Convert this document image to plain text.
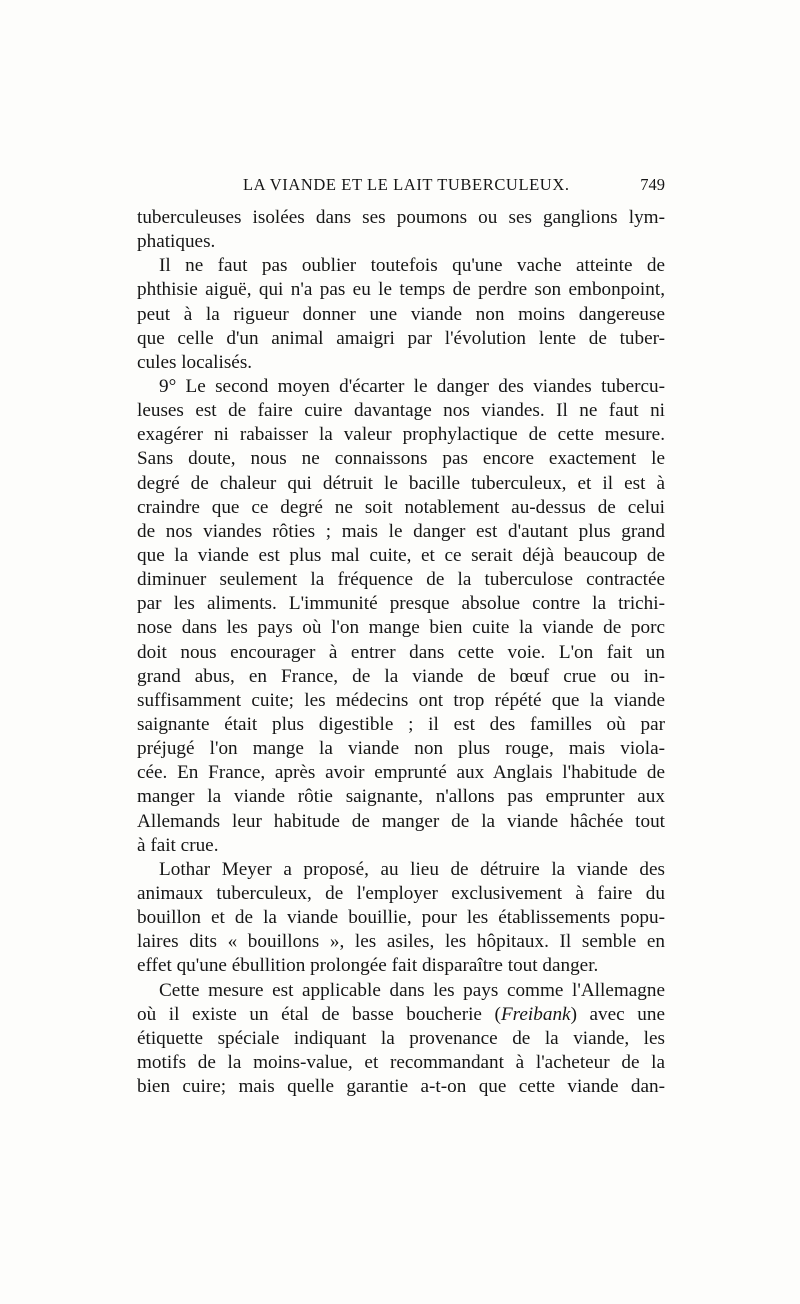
LA VIANDE ET LE LAIT TUBERCULEUX.	749
tuberculeuses isolées dans ses poumons ou ses ganglions lym-
phatiques.
Il ne faut pas oublier toutefois qu'une vache atteinte de
phthisie aiguë, qui n'a pas eu le temps de perdre son embonpoint,
peut à la rigueur donner une viande non moins dangereuse
que celle d'un animal amaigri par l'évolution lente de tuber-
cules localisés.
9° Le second moyen d'écarter le danger des viandes tubercu-
leuses est de faire cuire davantage nos viandes. Il ne faut ni
exagérer ni rabaisser la valeur prophylactique de cette mesure.
Sans doute, nous ne connaissons pas encore exactement le
degré de chaleur qui détruit le bacille tuberculeux, et il est à
craindre que ce degré ne soit notablement au-dessus de celui
de nos viandes rôties ; mais le danger est d'autant plus grand
que la viande est plus mal cuite, et ce serait déjà beaucoup de
diminuer seulement la fréquence de la tuberculose contractée
par les aliments. L'immunité presque absolue contre la trichi-
nose dans les pays où l'on mange bien cuite la viande de porc
doit nous encourager à entrer dans cette voie. L'on fait un
grand abus, en France, de la viande de bœuf crue ou in-
suffisamment cuite; les médecins ont trop répété que la viande
saignante était plus digestible ; il est des familles où par
préjugé l'on mange la viande non plus rouge, mais viola-
cée. En France, après avoir emprunté aux Anglais l'habitude de
manger la viande rôtie saignante, n'allons pas emprunter aux
Allemands leur habitude de manger de la viande hâchée tout
à fait crue.
Lothar Meyer a proposé, au lieu de détruire la viande des
animaux tuberculeux, de l'employer exclusivement à faire du
bouillon et de la viande bouillie, pour les établissements popu-
laires dits « bouillons », les asiles, les hôpitaux. Il semble en
effet qu'une ébullition prolongée fait disparaître tout danger.
Cette mesure est applicable dans les pays comme l'Allemagne
où il existe un étal de basse boucherie (Freibank) avec une
étiquette spéciale indiquant la provenance de la viande, les
motifs de la moins-value, et recommandant à l'acheteur de la
bien cuire; mais quelle garantie a-t-on que cette viande dan-
